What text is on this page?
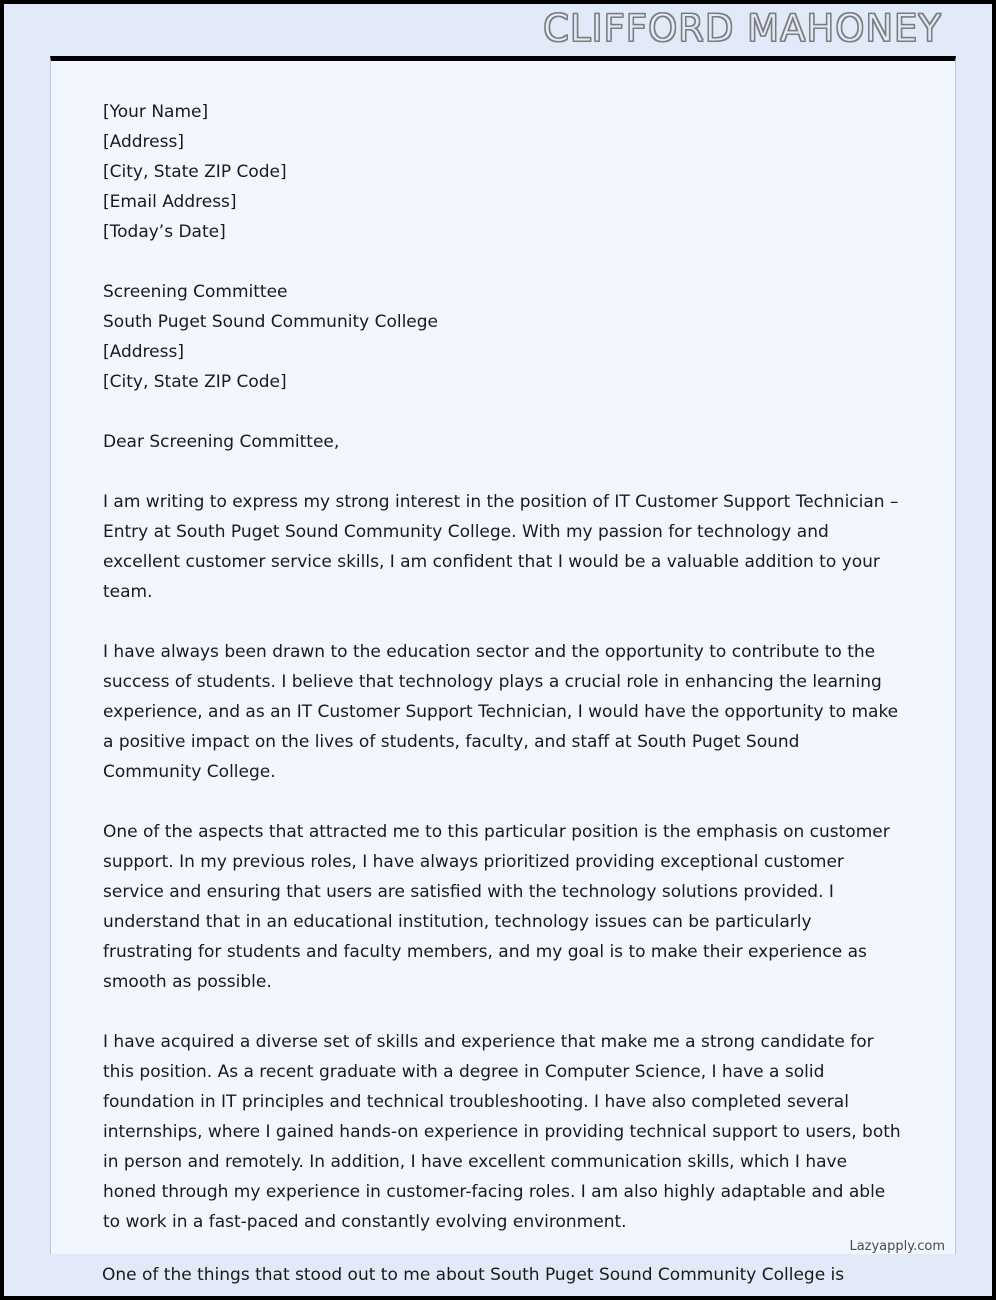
CLIFFORD MAHONEY
[Your Name]
[Address]
[City, State ZIP Code]
[Email Address]
[Today’s Date]
Screening Committee
South Puget Sound Community College
[Address]
[City, State ZIP Code]
Dear Screening Committee,

I am writing to express my strong interest in the position of IT Customer Support Technician – Entry at South Puget Sound Community College. With my passion for technology and excellent customer service skills, I am confident that I would be a valuable addition to your team.

I have always been drawn to the education sector and the opportunity to contribute to the success of students. I believe that technology plays a crucial role in enhancing the learning experience, and as an IT Customer Support Technician, I would have the opportunity to make a positive impact on the lives of students, faculty, and staff at South Puget Sound Community College.

One of the aspects that attracted me to this particular position is the emphasis on customer support. In my previous roles, I have always prioritized providing exceptional customer service and ensuring that users are satisfied with the technology solutions provided. I understand that in an educational institution, technology issues can be particularly frustrating for students and faculty members, and my goal is to make their experience as smooth as possible.

I have acquired a diverse set of skills and experience that make me a strong candidate for this position. As a recent graduate with a degree in Computer Science, I have a solid foundation in IT principles and technical troubleshooting. I have also completed several internships, where I gained hands-on experience in providing technical support to users, both in person and remotely. In addition, I have excellent communication skills, which I have honed through my experience in customer-facing roles. I am also highly adaptable and able to work in a fast-paced and constantly evolving environment.

Lazyapply.com
One of the things that stood out to me about South Puget Sound Community College is
